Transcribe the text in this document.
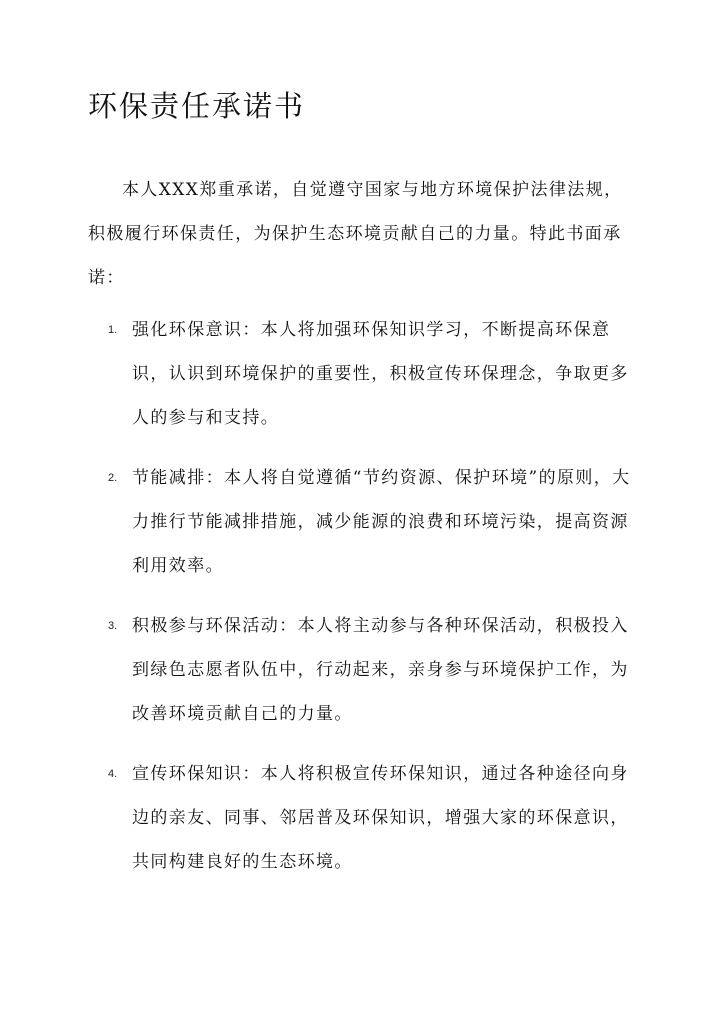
环保责任承诺书

本人XXX郑重承诺，自觉遵守国家与地方环境保护法律法规，积极履行环保责任，为保护生态环境贡献自己的力量。特此书面承诺：

1. 强化环保意识：本人将加强环保知识学习，不断提高环保意识，认识到环境保护的重要性，积极宣传环保理念，争取更多人的参与和支持。
2. 节能减排：本人将自觉遵循“节约资源、保护环境”的原则，大力推行节能减排措施，减少能源的浪费和环境污染，提高资源利用效率。
3. 积极参与环保活动：本人将主动参与各种环保活动，积极投入到绿色志愿者队伍中，行动起来，亲身参与环境保护工作，为改善环境贡献自己的力量。
4. 宣传环保知识：本人将积极宣传环保知识，通过各种途径向身边的亲友、同事、邻居普及环保知识，增强大家的环保意识，共同构建良好的生态环境。
